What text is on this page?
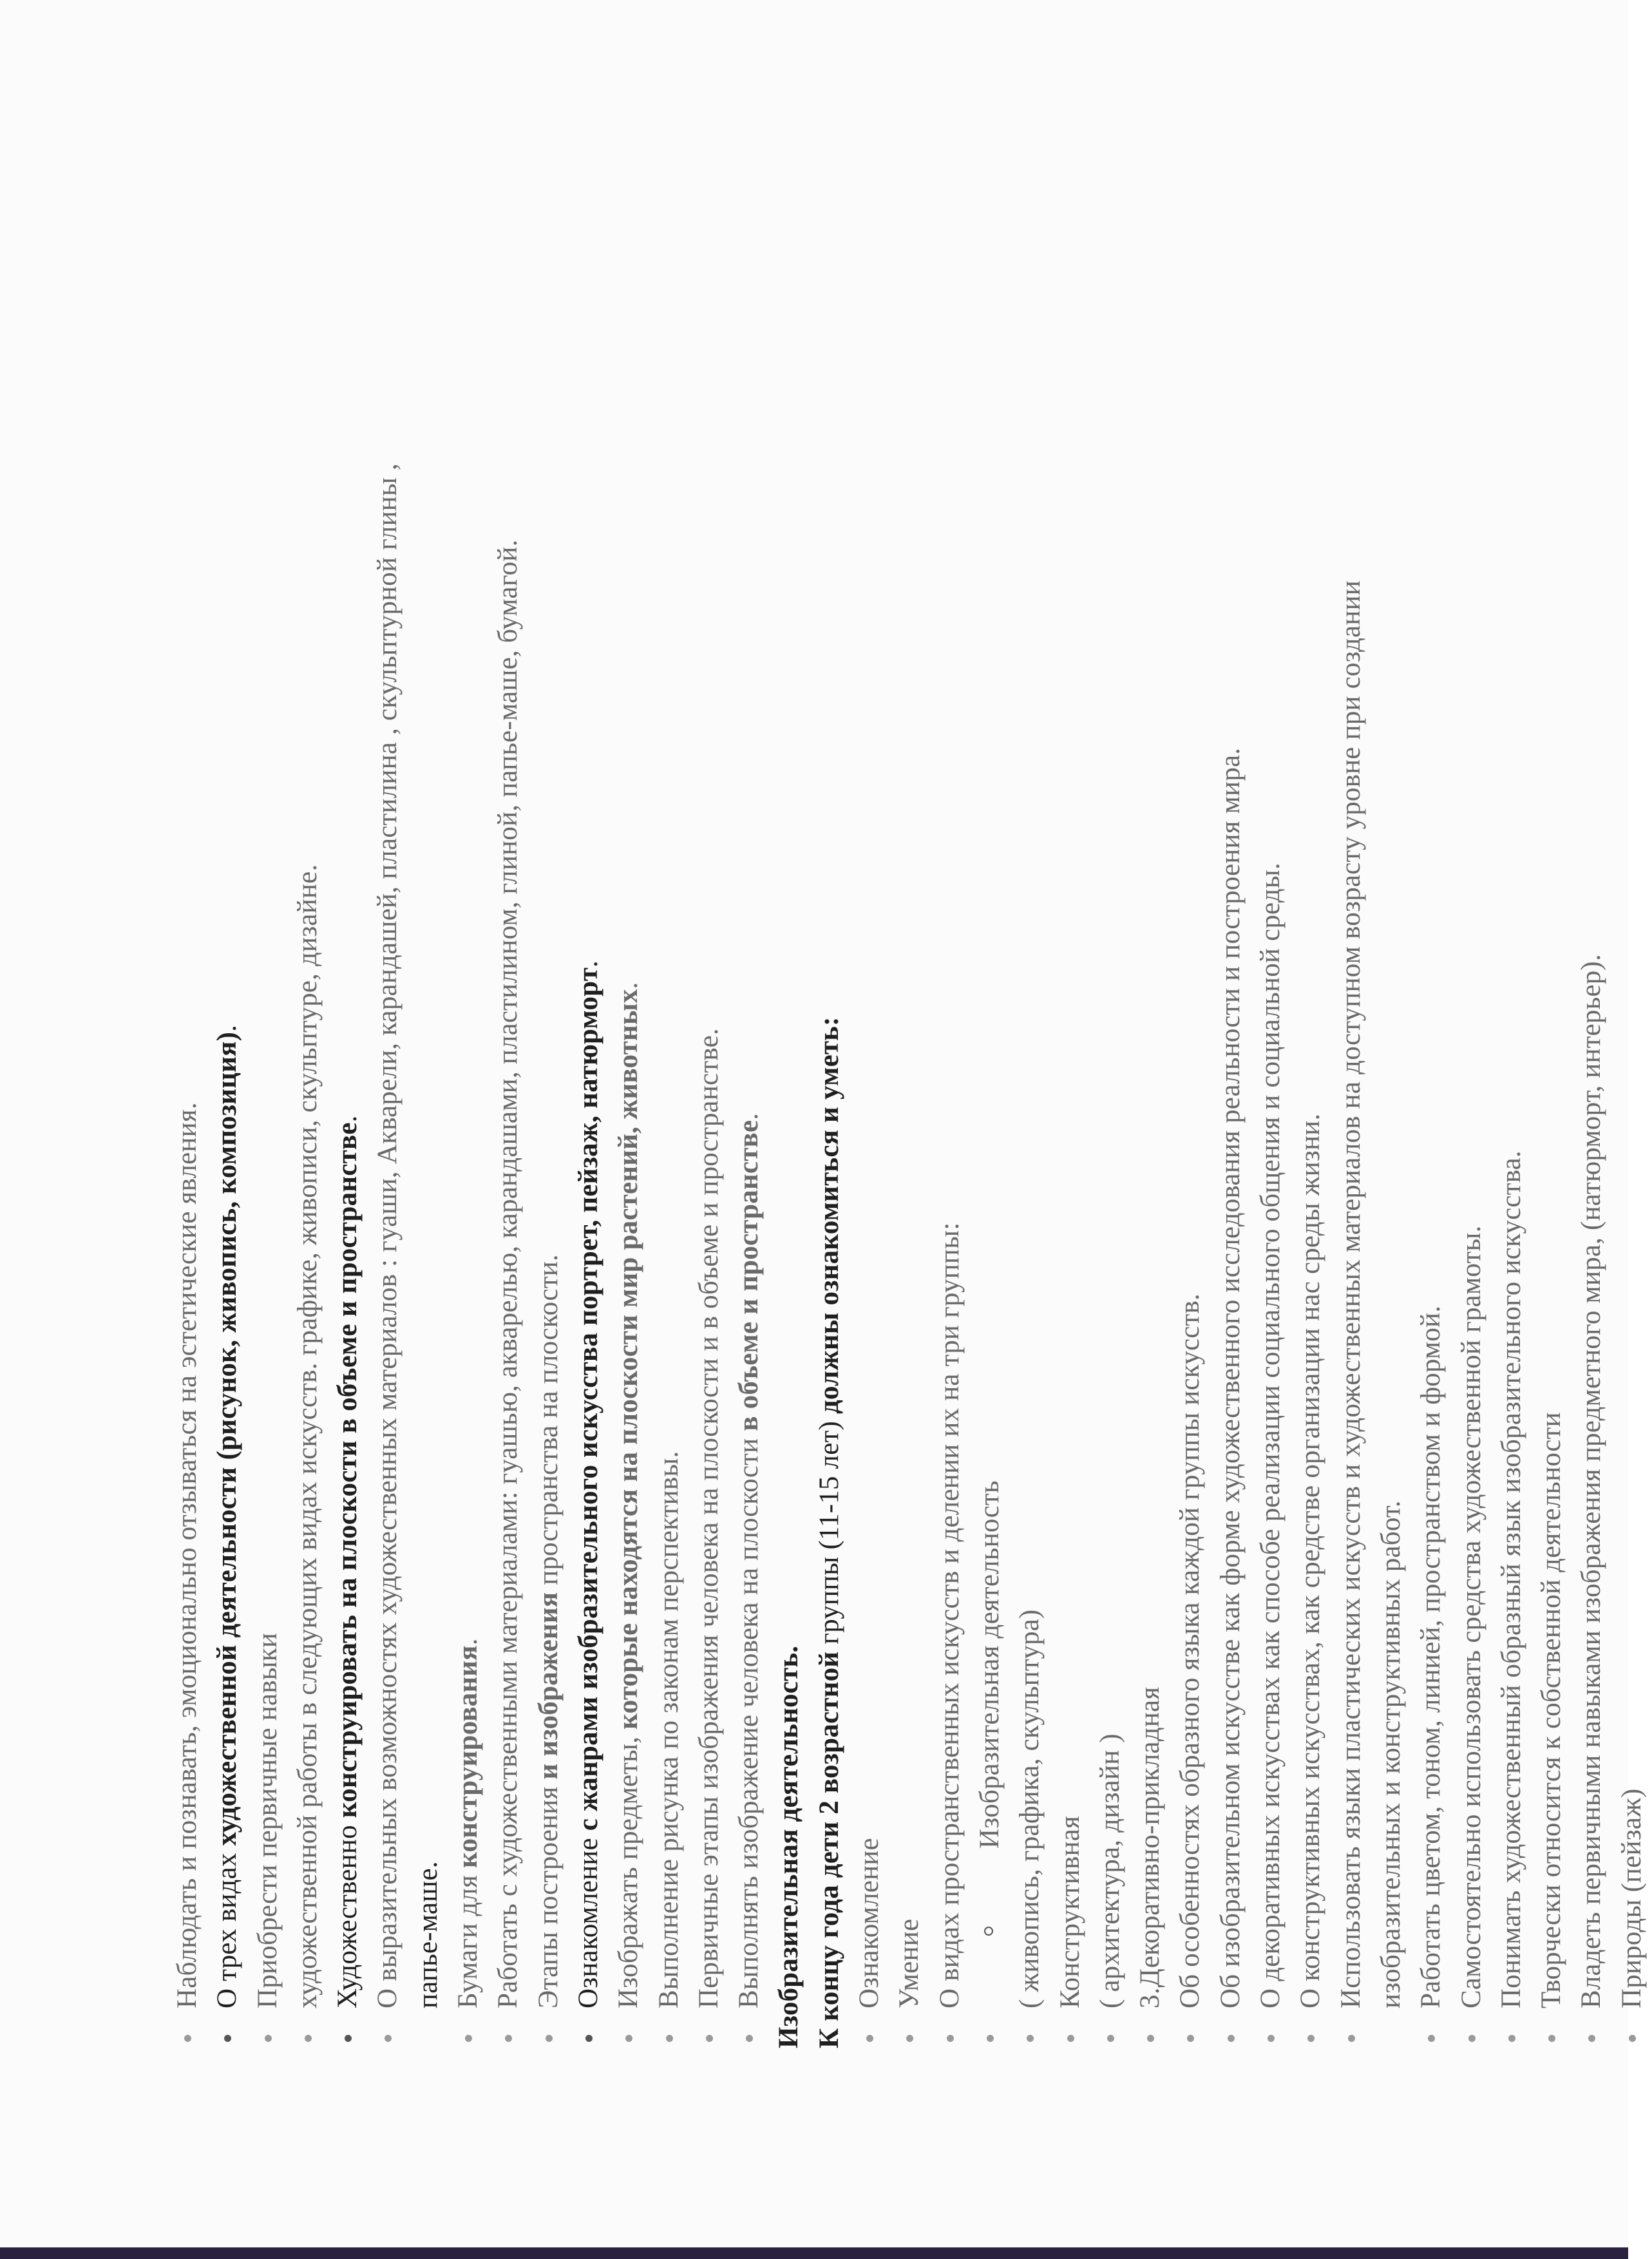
Наблюдать и познавать, эмоционально отзываться на эстетические явления. О трех видах художественной деятельности (рисунок, живопись, композиция).
Приобрести первичные навыки художественной работы в следующих видах искусств. графике, живописи, скульптуре, дизайне. Художественно конструировать на плоскости в объеме и пространстве. О выразительных возможностях художественных материалов : гуаши, Акварели, карандашей, пластилина , скульптурной глины , папье-маше. Бумаги для конструирования. Работать с художественными материалами: гуашью, акварелью, карандашами, пластилином, глиной, папье-маше, бумагой. Этапы построения и изображения пространства на плоскости.
Ознакомление с жанрами изобразительного искусства портрет, пейзаж, натюрморт.
Изображать предметы, которые находятся на плоскости мир растений, животных.
Выполнение рисунка по законам перспективы. Первичные этапы изображения человека на плоскости и в объеме и пространстве. Выполнять изображение человека на плоскости в объеме и пространстве.
Изобразительная деятельность. К концу года дети 2 возрастной группы (11-15 лет) должны ознакомиться и уметь:
Ознакомление Умение О видах пространственных искусств и делении их на три группы: Изобразительная деятельность ( живопись, графика, скульптура) Конструктивная ( архитектура, дизайн ) 3.Декоративно-прикладная Об особенностях образного языка каждой группы искусств. Об изобразительном искусстве как форме художественного исследования реальности и построения мира. О декоративных искусствах как способе реализации социального общения и социальной среды. О конструктивных искусствах, как средстве организации нас среды жизни. Использовать языки пластических искусств и художественных материалов на доступном возрасту уровне при создании изобразительных и конструктивных работ. Работать цветом, тоном, линией, пространством и формой. Самостоятельно использовать средства художественной грамоты. Понимать художественный образный язык изобразительного искусства. Творчески относится к собственной деятельности Владеть первичными навыками изображения предметного мира, (натюрморт, интерьер). Природы (пейзаж)
